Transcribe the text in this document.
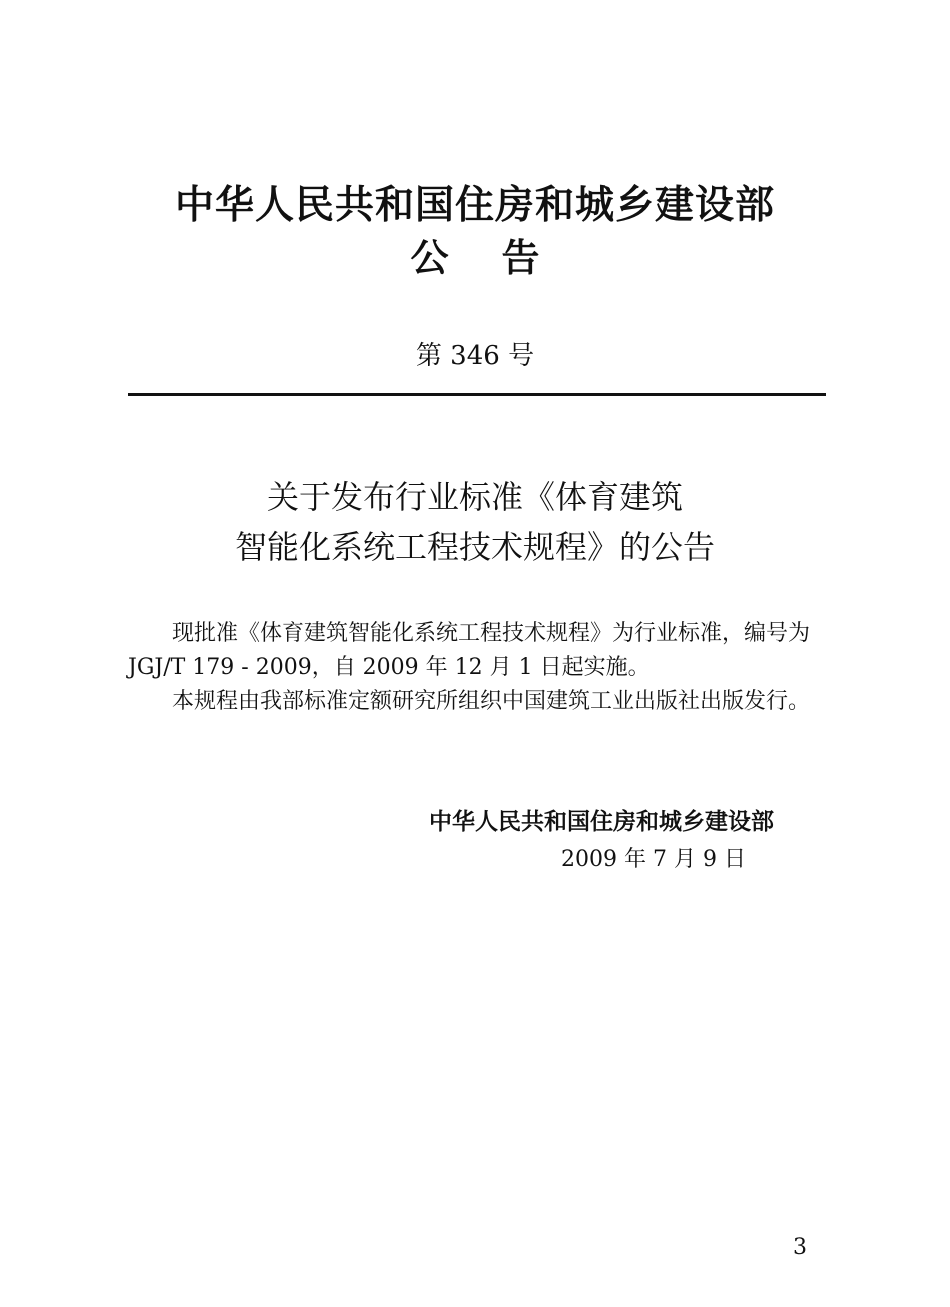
中华人民共和国住房和城乡建设部
公    告
第 346 号
关于发布行业标准《体育建筑
智能化系统工程技术规程》的公告

现批准《体育建筑智能化系统工程技术规程》为行业标准，编号为 JGJ/T 179 - 2009，自 2009 年 12 月 1 日起实施。

本规程由我部标准定额研究所组织中国建筑工业出版社出版发行。

中华人民共和国住房和城乡建设部
2009 年 7 月 9 日
3
